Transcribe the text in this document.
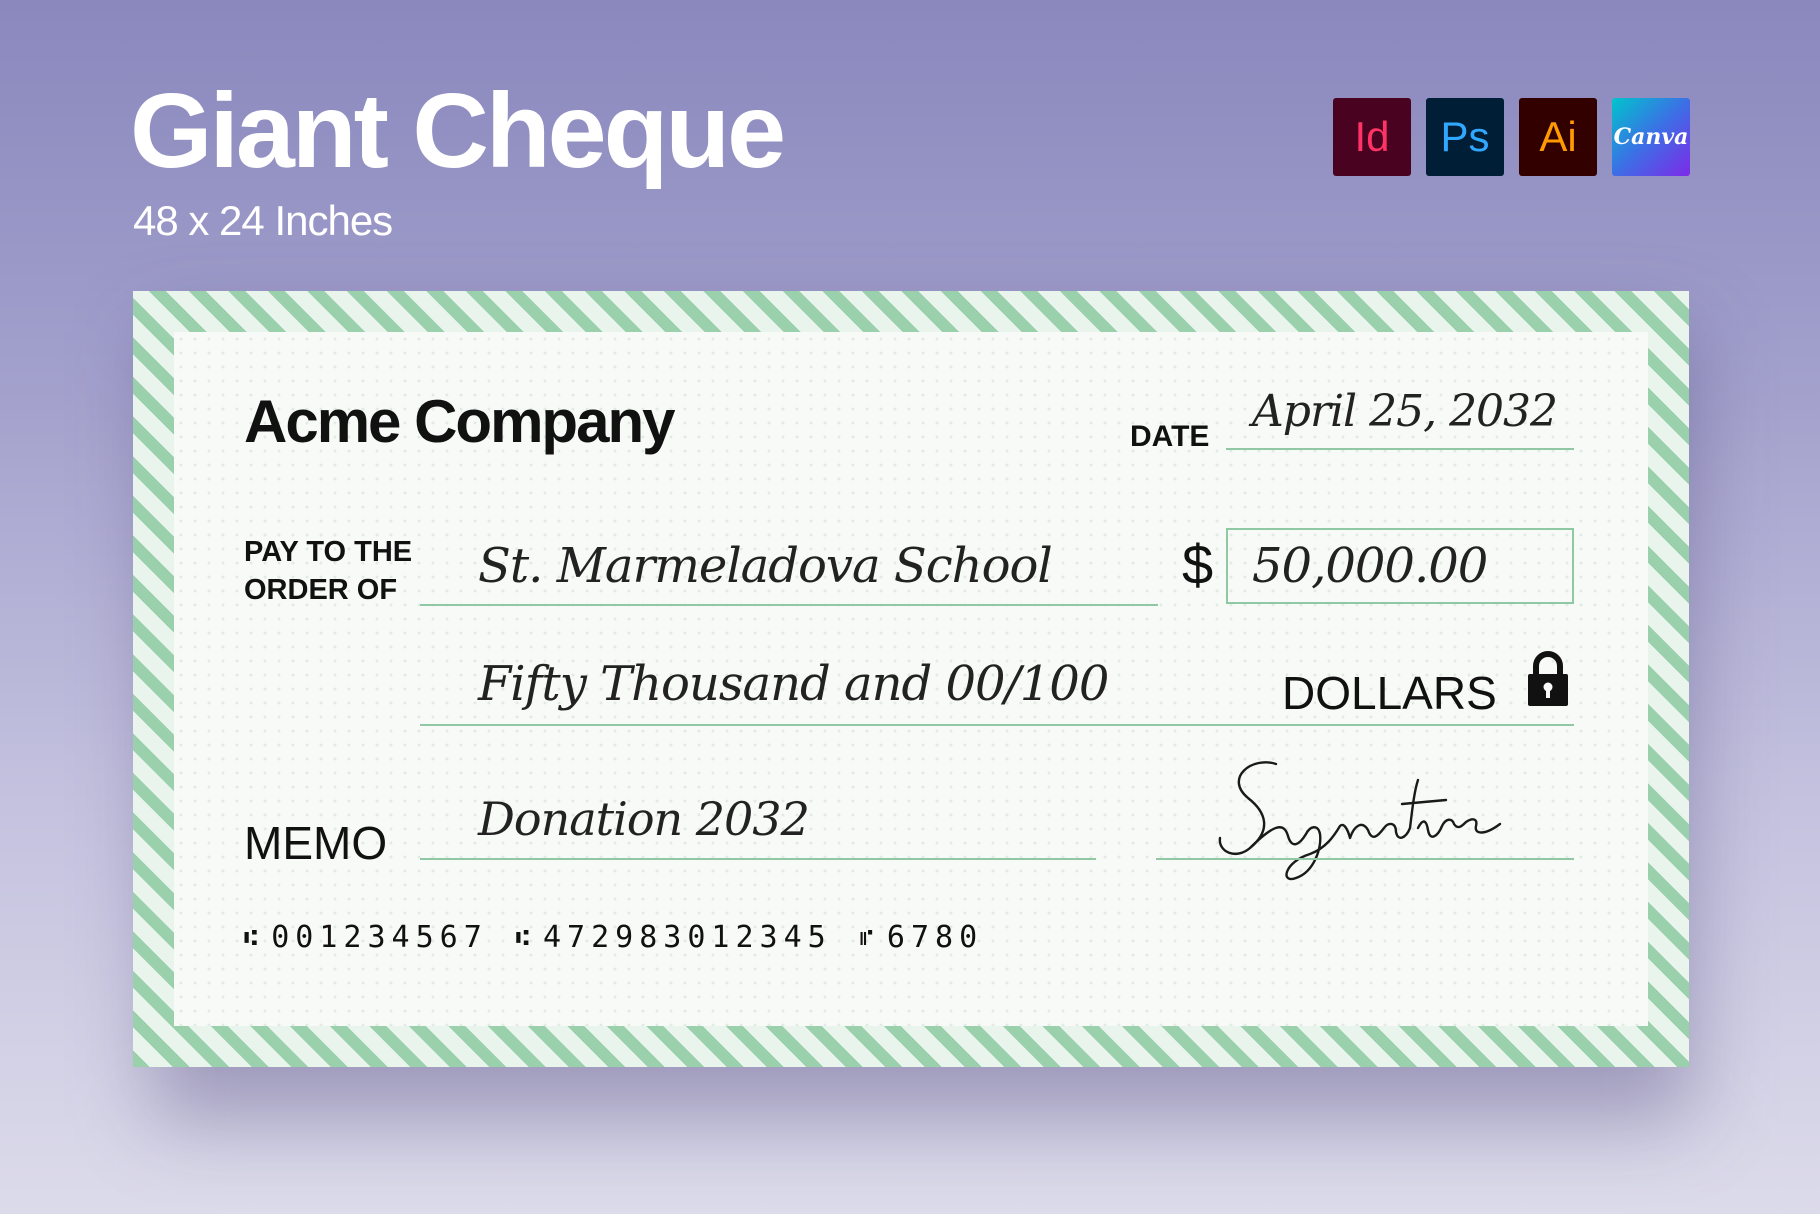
Giant Cheque
48 x 24 Inches
Id	Ps	Ai	Canva
Acme Company	DATE April 25, 2032
PAY TO THE
ORDER OF	St. Marmeladova School $ 50,000.00
Fifty Thousand and 00/100	DOLLARS
MEMO Donation 2032
Signature
⑆ 001234567 ⑆ 472983012345 ⑈ 6780
